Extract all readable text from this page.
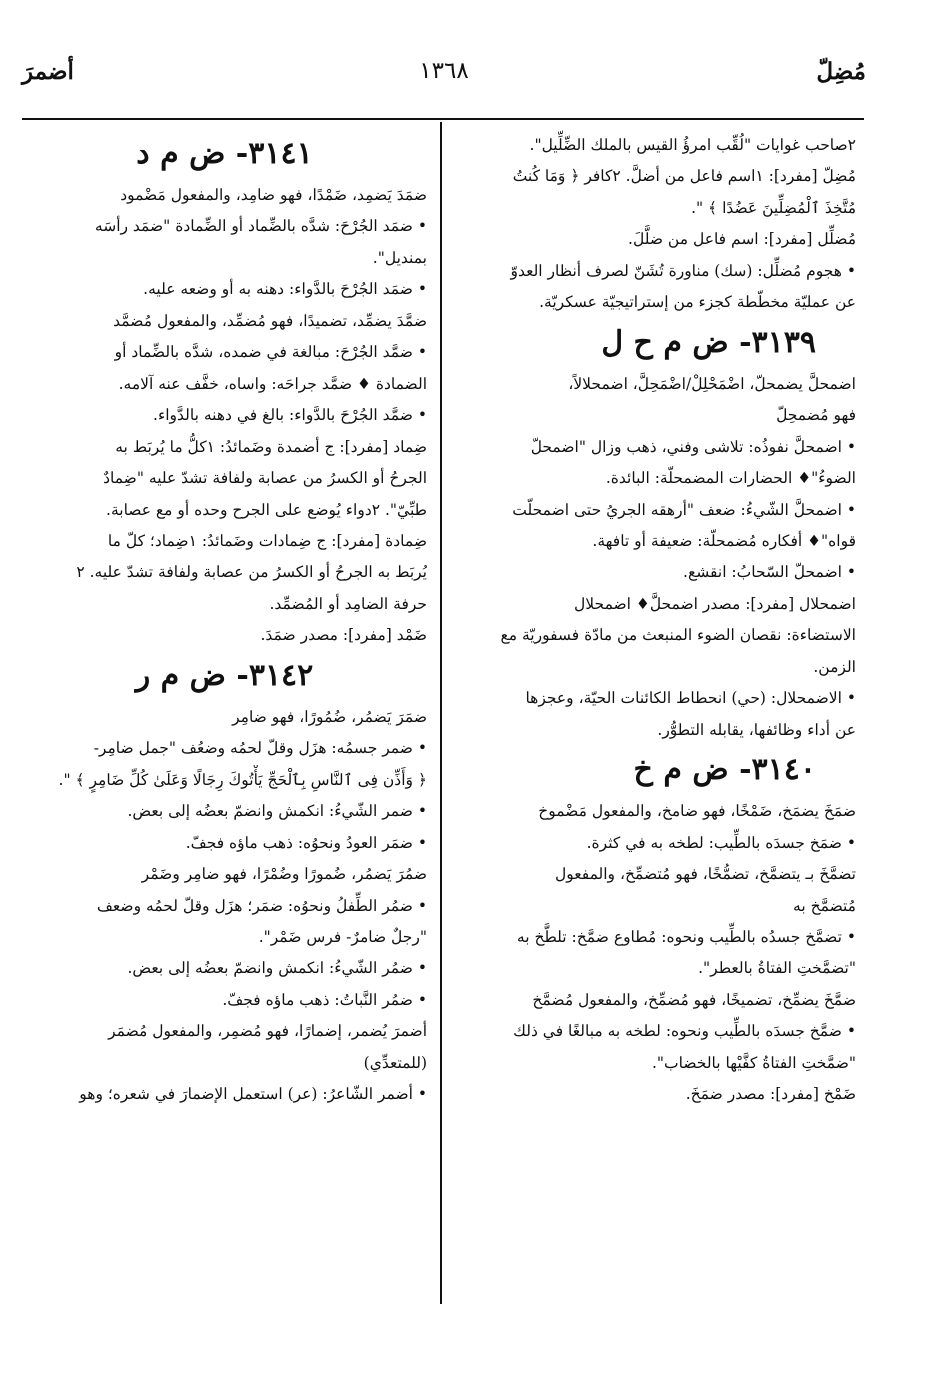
مُضِلّ
١٣٦٨
أضمرَ
٢صاحب غوايات "لُقِّب امرؤُ القيس بالملك الضِّلِّيل".
مُضِلّ [مفرد]: ١اسم فاعل من أضلَّ. ٢كافر ﴿ وَمَا كُنتُ
مُتَّخِذَ ٱلْمُضِلِّينَ عَضُدًا ﴾ ".
مُضلِّل [مفرد]: اسم فاعل من ضلَّلَ.
• هجوم مُضلِّل: (سك) مناورة تُشَنّ لصرف أنظار العدوّ
عن عمليّة مخطّطة كجزء من إستراتيجيّة عسكريّة.
٣١٣٩- ض م ح ل
اضمحلَّ يضمحلّ، اضْمَحْلِلْ/اضْمَحِلَّ، اضمحلالاً،
فهو مُضمحِلّ
• اضمحلَّ نفوذُه: تلاشى وفني، ذهب وزال "اضمحلّ
الضوءُ"♦ الحضارات المضمحلّة: البائدة.
• اضمحلَّ الشّيءُ: ضعف "أرهقه الجريُ حتى اضمحلّت
قواه"♦ أفكاره مُضمحلّة: ضعيفة أو تافهة.
• اضمحلّ السّحابُ: انقشع.
اضمحلال [مفرد]: مصدر اضمحلَّ♦ اضمحلال
الاستضاءة: نقصان الضوء المنبعث من مادّة فسفوريّة مع
الزمن.
• الاضمحلال: (حي) انحطاط الكائنات الحيّة، وعجزها
عن أداء وظائفها، يقابله التطوُّر.
٣١٤٠- ض م خ
ضمَخَ يضمَخ، ضَمْخًا، فهو ضامخ، والمفعول مَضْموخ
• ضمَخ جسدَه بالطِّيب: لطخه به في كثرة.
تضمَّخَ بـ يتضمَّخ، تضمُّخًا، فهو مُتضمِّخ، والمفعول
مُتضمَّخ به
• تضمَّخ جسدُه بالطِّيب ونحوه: مُطاوع ضمَّخ: تلطَّخ به
"تضمَّختِ الفتاةُ بالعطر".
ضمَّخَ يضمِّخ، تضميخًا، فهو مُضمِّخ، والمفعول مُضمَّخ
• ضمَّخ جسدَه بالطِّيب ونحوه: لطخه به مبالغًا في ذلك
"ضمَّختِ الفتاةُ كفَّيْها بالخضاب".
ضَمْخ [مفرد]: مصدر ضمَخَ.
٣١٤١- ض م د
ضمَدَ يَضمِد، ضَمْدًا، فهو ضامِد، والمفعول مَضْمود
• ضمَد الجُرْحَ: شدَّه بالضِّماد أو الضِّمادة "ضمَد رأسَه
بمنديل".
• ضمَد الجُرْحَ بالدَّواء: دهنه به أو وضعه عليه.
ضمَّدَ يضمِّد، تضميدًا، فهو مُضمِّد، والمفعول مُضمَّد
• ضمَّد الجُرْحَ: مبالغة في ضمده، شدَّه بالضِّماد أو
الضمادة ♦ ضمَّد جراحَه: واساه، خفَّف عنه آلامه.
• ضمَّد الجُرْحَ بالدَّواء: بالغ في دهنه بالدَّواء.
ضِماد [مفرد]: ج أضمدة وضَمائدُ: ١كلُّ ما يُربَط به
الجرحُ أو الكسرُ من عصابة ولفافة تشدّ عليه "ضِمادٌ
طبِّيّ". ٢دواء يُوضع على الجرح وحده أو مع عصابة.
ضِمادة [مفرد]: ج ضِمادات وضَمائدُ: ١ضِماد؛ كلّ ما
يُربَط به الجرحُ أو الكسرُ من عصابة ولفافة تشدّ عليه. ٢
حرفة الضامِد أو المُضمِّد.
ضَمْد [مفرد]: مصدر ضمَدَ.
٣١٤٢- ض م ر
ضمَرَ يَضمُر، ضُمُورًا، فهو ضامِر
• ضمر جسمُه: هزَل وقلّ لحمُه وضعُف "جمل ضامِر-
﴿ وَأَذِّن فِى ٱلنَّاسِ بِٱلْحَجِّ يَأْتُوكَ رِجَالًا وَعَلَىٰ كُلِّ ضَامِرٍ ﴾ ".
• ضمر الشّيءُ: انكمش وانضمّ بعضُه إلى بعض.
• ضمَر العودُ ونحوُه: ذهب ماؤه فجفّ.
ضمُرَ يَضمُر، ضُمورًا وضُمْرًا، فهو ضامِر وضَمْر
• ضمُر الطِّفلُ ونحوُه: ضمَر؛ هزَل وقلّ لحمُه وضعف
"رجلٌ ضامرٌ- فرس ضَمْر".
• ضمُر الشّيءُ: انكمش وانضمّ بعضُه إلى بعض.
• ضمُر النَّباتُ: ذهب ماؤه فجفّ.
أضمرَ يُضمر، إضمارًا، فهو مُضمِر، والمفعول مُضمَر
(للمتعدِّي)
• أضمر الشّاعرُ: (عر) استعمل الإضمارَ في شعره؛ وهو
